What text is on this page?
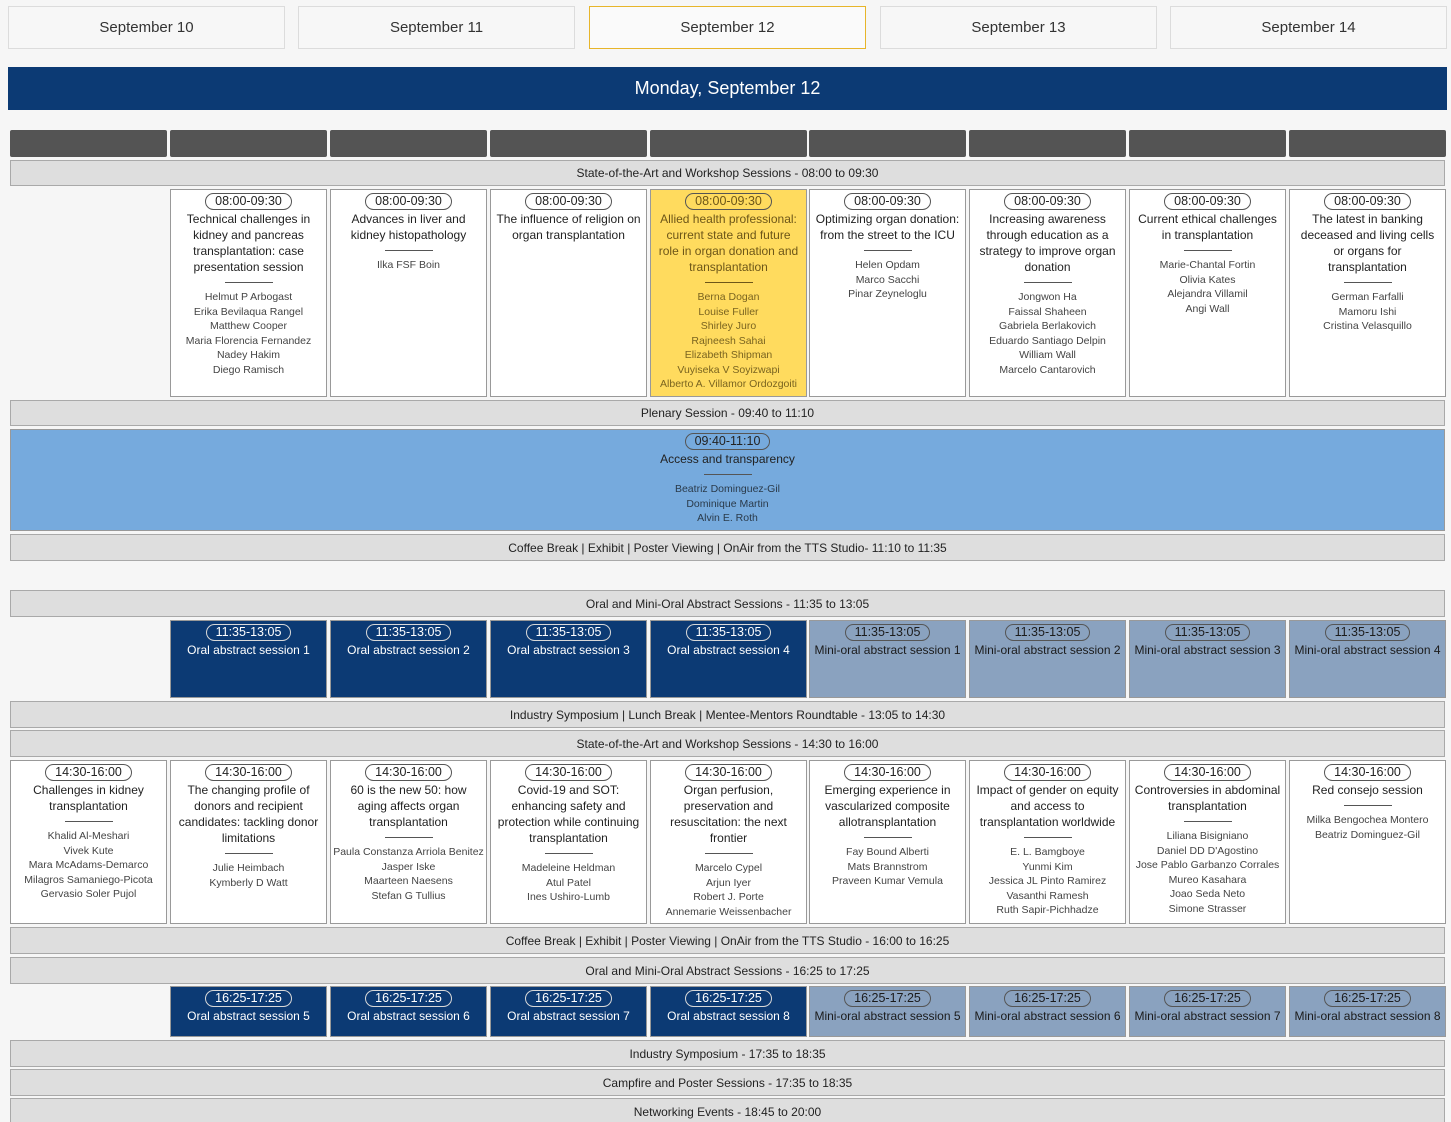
September 10	September 11	September 12	September 13	September 14
Monday, September 12
State-of-the-Art and Workshop Sessions - 08:00 to 09:30
Plenary Session - 09:40 to 11:10
Coffee Break | Exhibit | Poster Viewing | OnAir from the TTS Studio- 11:10 to 11:35
Oral and Mini-Oral Abstract Sessions - 11:35 to 13:05
Industry Symposium | Lunch Break | Mentee-Mentors Roundtable - 13:05 to 14:30
State-of-the-Art and Workshop Sessions - 14:30 to 16:00
Coffee Break | Exhibit | Poster Viewing | OnAir from the TTS Studio - 16:00 to 16:25
Oral and Mini-Oral Abstract Sessions - 16:25 to 17:25
Industry Symposium - 17:35 to 18:35
Campfire and Poster Sessions - 17:35 to 18:35
Networking Events - 18:45 to 20:00
09:40-11:10
Access and transparency
Beatriz Dominguez-Gil
Dominique Martin
Alvin E. Roth
08:00-09:30
Technical challenges in kidney and pancreas transplantation: case presentation session
Helmut P Arbogast
Erika Bevilaqua Rangel
Matthew Cooper
Maria Florencia Fernandez
Nadey Hakim
Diego Ramisch
08:00-09:30
Advances in liver and kidney histopathology
Ilka FSF Boin
08:00-09:30
The influence of religion on organ transplantation
08:00-09:30
Allied health professional: current state and future role in organ donation and transplantation
Berna Dogan
Louise Fuller
Shirley Juro
Rajneesh Sahai
Elizabeth Shipman
Vuyiseka V Soyizwapi
Alberto A. Villamor Ordozgoiti
08:00-09:30
Optimizing organ donation: from the street to the ICU
Helen Opdam
Marco Sacchi
Pinar Zeyneloglu
08:00-09:30
Increasing awareness through education as a strategy to improve organ donation
Jongwon Ha
Faissal Shaheen
Gabriela Berlakovich
Eduardo Santiago Delpin
William Wall
Marcelo Cantarovich
08:00-09:30
Current ethical challenges in transplantation
Marie-Chantal Fortin
Olivia Kates
Alejandra Villamil
Angi Wall
08:00-09:30
The latest in banking deceased and living cells or organs for transplantation
German Farfalli
Mamoru Ishi
Cristina Velasquillo
11:35-13:05
Oral abstract session 1
11:35-13:05
Oral abstract session 2
11:35-13:05
Oral abstract session 3
11:35-13:05
Oral abstract session 4
11:35-13:05
Mini-oral abstract session 1
11:35-13:05
Mini-oral abstract session 2
11:35-13:05
Mini-oral abstract session 3
11:35-13:05
Mini-oral abstract session 4
14:30-16:00
Challenges in kidney transplantation
Khalid Al-Meshari
Vivek Kute
Mara McAdams-Demarco
Milagros Samaniego-Picota
Gervasio Soler Pujol
14:30-16:00
The changing profile of donors and recipient candidates: tackling donor limitations
Julie Heimbach
Kymberly D Watt
14:30-16:00
60 is the new 50: how aging affects organ transplantation
Paula Constanza Arriola Benitez
Jasper Iske
Maarteen Naesens
Stefan G Tullius
14:30-16:00
Covid-19 and SOT: enhancing safety and protection while continuing transplantation
Madeleine Heldman
Atul Patel
Ines Ushiro-Lumb
14:30-16:00
Organ perfusion, preservation and resuscitation: the next frontier
Marcelo Cypel
Arjun Iyer
Robert J. Porte
Annemarie Weissenbacher
14:30-16:00
Emerging experience in vascularized composite allotransplantation
Fay Bound Alberti
Mats Brannstrom
Praveen Kumar Vemula
14:30-16:00
Impact of gender on equity and access to transplantation worldwide
E. L. Bamgboye
Yunmi Kim
Jessica JL Pinto Ramirez
Vasanthi Ramesh
Ruth Sapir-Pichhadze
14:30-16:00
Controversies in abdominal transplantation
Liliana Bisigniano
Daniel DD D'Agostino
Jose Pablo Garbanzo Corrales
Mureo Kasahara
Joao Seda Neto
Simone Strasser
14:30-16:00
Red consejo session
Milka Bengochea Montero
Beatriz Dominguez-Gil
16:25-17:25
Oral abstract session 5
16:25-17:25
Oral abstract session 6
16:25-17:25
Oral abstract session 7
16:25-17:25
Oral abstract session 8
16:25-17:25
Mini-oral abstract session 5
16:25-17:25
Mini-oral abstract session 6
16:25-17:25
Mini-oral abstract session 7
16:25-17:25
Mini-oral abstract session 8
